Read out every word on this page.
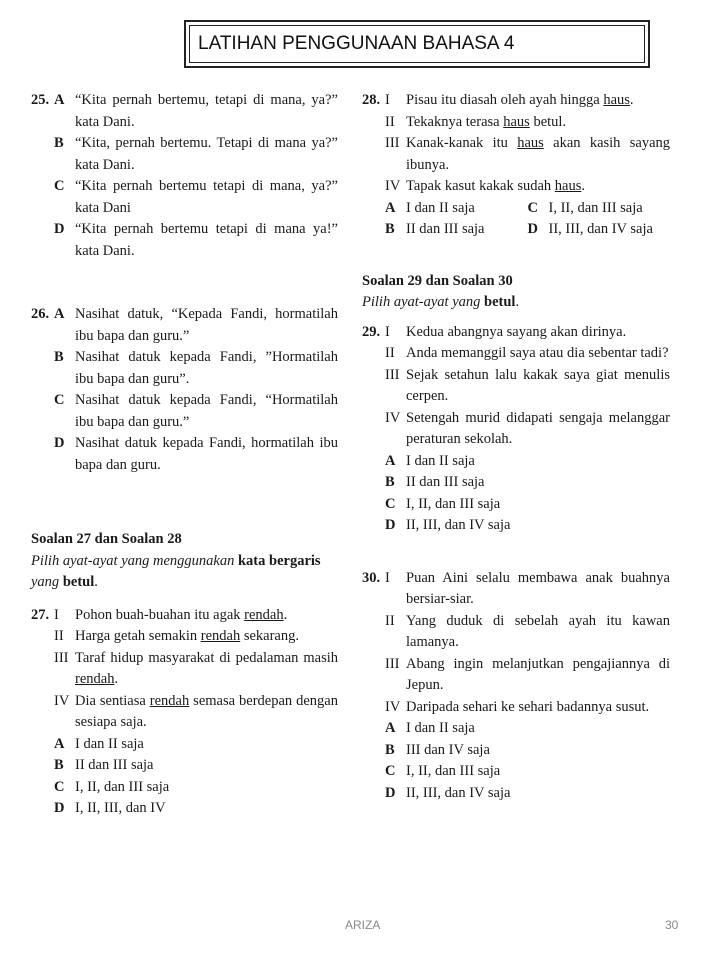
LATIHAN PENGGUNAAN BAHASA 4
25. A “Kita pernah bertemu, tetapi di mana, ya?” kata Dani.
B “Kita, pernah bertemu. Tetapi di mana ya?” kata Dani.
C “Kita pernah bertemu tetapi di mana, ya?” kata Dani
D “Kita pernah bertemu tetapi di mana ya!” kata Dani.
26. A Nasihat datuk, “Kepada Fandi, hormatilah ibu bapa dan guru.”
B Nasihat datuk kepada Fandi, ”Hormatilah ibu bapa dan guru”.
C Nasihat datuk kepada Fandi, “Hormatilah ibu bapa dan guru.”
D Nasihat datuk kepada Fandi, hormatilah ibu bapa dan guru.
Soalan 27 dan Soalan 28
Pilih ayat-ayat yang menggunakan kata bergaris yang betul.
27. I	Pohon buah-buahan itu agak rendah.
II Harga getah semakin rendah sekarang.
III Taraf hidup masyarakat di pedalaman masih rendah.
IV Dia sentiasa rendah semasa berdepan dengan sesiapa saja.
A I dan II saja
B II dan III saja
C I, II, dan III saja
D I, II, III, dan IV
28. I	Pisau itu diasah oleh ayah hingga haus.
II Tekaknya terasa haus betul.
III Kanak-kanak itu haus akan kasih sayang ibunya.
IV Tapak kasut kakak sudah haus.
A I dan II saja	C I, II, dan III saja
B II dan III saja	D II, III, dan IV saja
Soalan 29 dan Soalan 30
Pilih ayat-ayat yang betul.
29. I	Kedua abangnya sayang akan dirinya.
II Anda memanggil saya atau dia sebentar tadi?
III Sejak setahun lalu kakak saya giat menulis cerpen.
IV Setengah murid didapati sengaja melanggar peraturan sekolah.
A I dan II saja
B II dan III saja
C I, II, dan III saja
D II, III, dan IV saja
30. I	Puan Aini selalu membawa anak buahnya bersiar-siar.
II Yang duduk di sebelah ayah itu kawan lamanya.
III Abang ingin melanjutkan pengajiannya di Jepun.
IV Daripada sehari ke sehari badannya susut.
A I dan II saja
B III dan IV saja
C I, II, dan III saja
D II, III, dan IV saja
ARIZA	30
